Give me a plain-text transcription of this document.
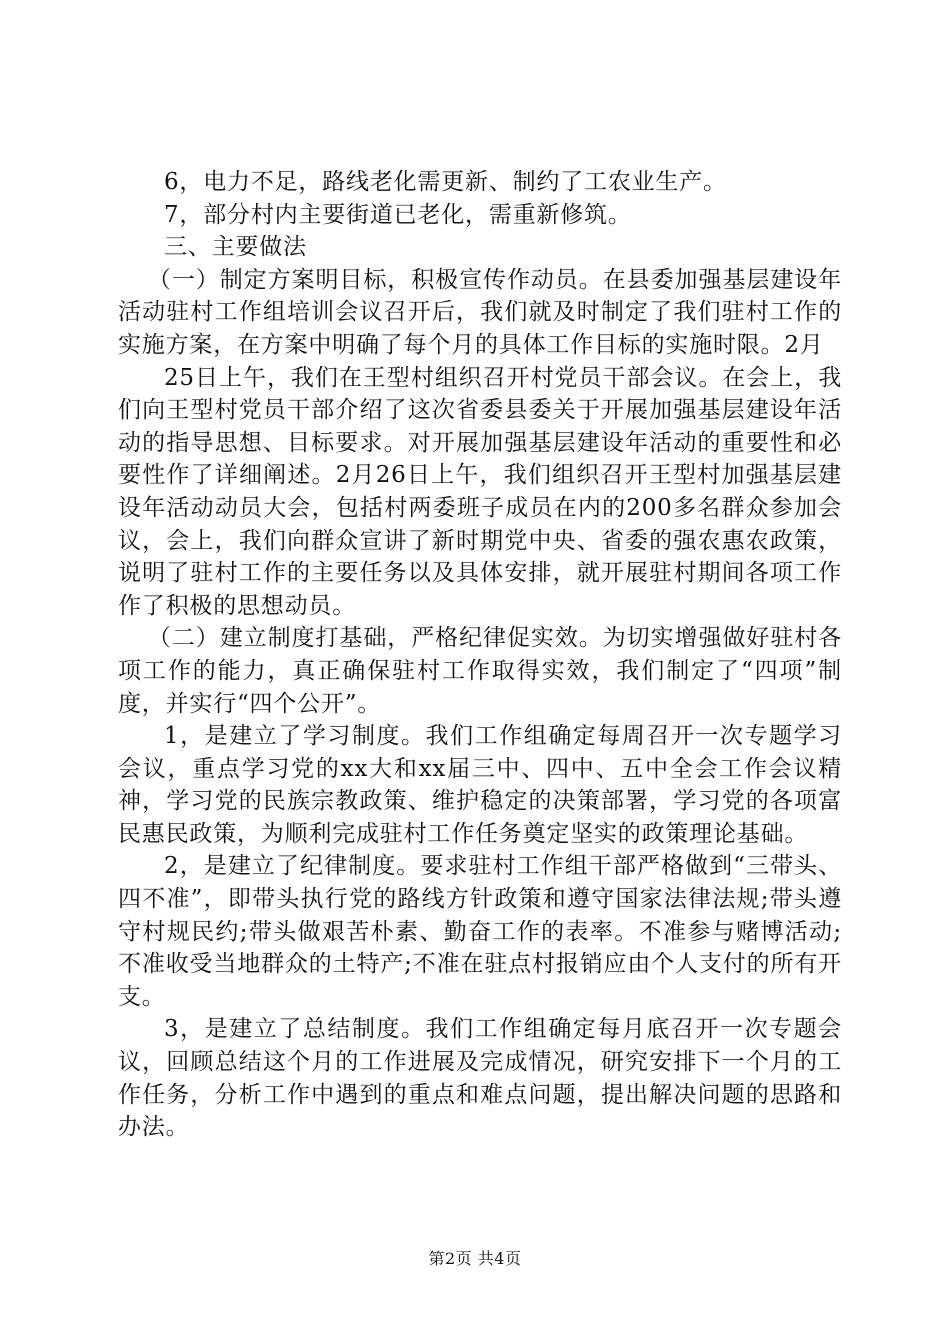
6，电力不足，路线老化需更新、制约了工农业生产。

7，部分村内主要街道已老化，需重新修筑。

三、主要做法

（一）制定方案明目标，积极宣传作动员。在县委加强基层建设年活动驻村工作组培训会议召开后，我们就及时制定了我们驻村工作的实施方案，在方案中明确了每个月的具体工作目标的实施时限。2月

25日上午，我们在王型村组织召开村党员干部会议。在会上，我们向王型村党员干部介绍了这次省委县委关于开展加强基层建设年活动的指导思想、目标要求。对开展加强基层建设年活动的重要性和必要性作了详细阐述。2月26日上午，我们组织召开王型村加强基层建设年活动动员大会，包括村两委班子成员在内的200多名群众参加会议，会上，我们向群众宣讲了新时期党中央、省委的强农惠农政策，说明了驻村工作的主要任务以及具体安排，就开展驻村期间各项工作作了积极的思想动员。

（二）建立制度打基础，严格纪律促实效。为切实增强做好驻村各项工作的能力，真正确保驻村工作取得实效，我们制定了“四项”制度，并实行“四个公开”。

1，是建立了学习制度。我们工作组确定每周召开一次专题学习会议，重点学习党的xx大和xx届三中、四中、五中全会工作会议精神，学习党的民族宗教政策、维护稳定的决策部署，学习党的各项富民惠民政策，为顺利完成驻村工作任务奠定坚实的政策理论基础。

2，是建立了纪律制度。要求驻村工作组干部严格做到“三带头、四不准”，即带头执行党的路线方针政策和遵守国家法律法规;带头遵守村规民约;带头做艰苦朴素、勤奋工作的表率。不准参与赌博活动;不准收受当地群众的土特产;不准在驻点村报销应由个人支付的所有开支。

3，是建立了总结制度。我们工作组确定每月底召开一次专题会议，回顾总结这个月的工作进展及完成情况，研究安排下一个月的工作任务，分析工作中遇到的重点和难点问题，提出解决问题的思路和办法。

第2页 共4页
